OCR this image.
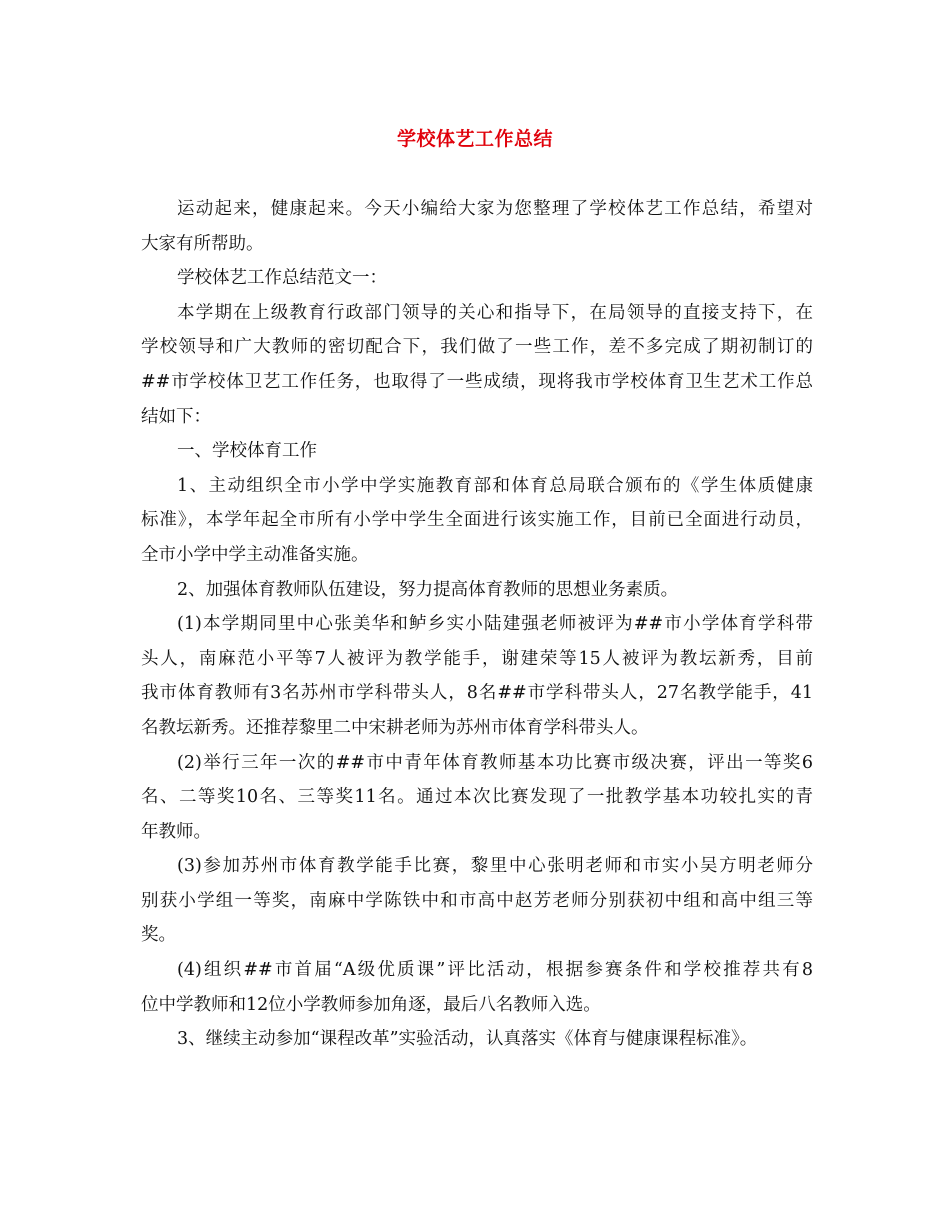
学校体艺工作总结
运动起来，健康起来。今天小编给大家为您整理了学校体艺工作总结，希望对
大家有所帮助。
学校体艺工作总结范文一：
本学期在上级教育行政部门领导的关心和指导下，在局领导的直接支持下，在
学校领导和广大教师的密切配合下，我们做了一些工作，差不多完成了期初制订的
##市学校体卫艺工作任务，也取得了一些成绩，现将我市学校体育卫生艺术工作总
结如下：
一、学校体育工作
1、主动组织全市小学中学实施教育部和体育总局联合颁布的《学生体质健康
标准》，本学年起全市所有小学中学生全面进行该实施工作，目前已全面进行动员，
全市小学中学主动准备实施。
2、加强体育教师队伍建设，努力提高体育教师的思想业务素质。
(1)本学期同里中心张美华和鲈乡实小陆建强老师被评为##市小学体育学科带
头人，南麻范小平等7人被评为教学能手，谢建荣等15人被评为教坛新秀，目前
我市体育教师有3名苏州市学科带头人，8名##市学科带头人，27名教学能手，41
名教坛新秀。还推荐黎里二中宋耕老师为苏州市体育学科带头人。
(2)举行三年一次的##市中青年体育教师基本功比赛市级决赛，评出一等奖6
名、二等奖10名、三等奖11名。通过本次比赛发现了一批教学基本功较扎实的青
年教师。
(3)参加苏州市体育教学能手比赛，黎里中心张明老师和市实小吴方明老师分
别获小学组一等奖，南麻中学陈铁中和市高中赵芳老师分别获初中组和高中组三等
奖。
(4)组织##市首届“A级优质课”评比活动，根据参赛条件和学校推荐共有8
位中学教师和12位小学教师参加角逐，最后八名教师入选。
3、继续主动参加“课程改革”实验活动，认真落实《体育与健康课程标准》。
